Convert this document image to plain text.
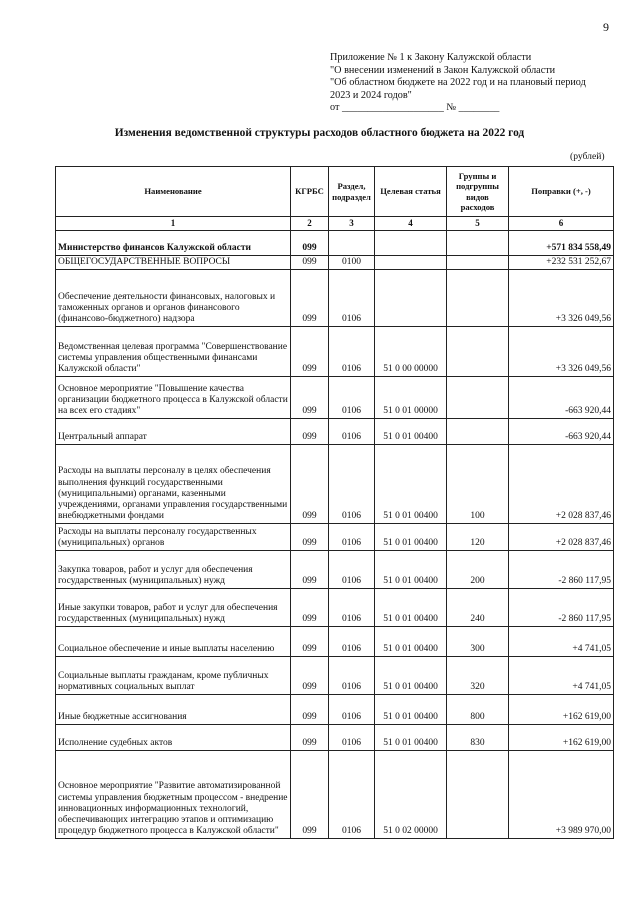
9
Приложение № 1 к Закону Калужской области
"О внесении изменений в Закон Калужской области
"Об областном бюджете на 2022 год и на плановый период
2023 и 2024 годов"
от ____________________ № ________
Изменения ведомственной структуры расходов областного бюджета на 2022 год
(рублей)
Наименование	КГРБС	Раздел, подраздел	Целевая статья	Группы и подгруппы видов расходов	Поправки (+, -)
1	2	3	4	5	6
Министерство финансов Калужской области	099				+571 834 558,49
ОБЩЕГОСУДАРСТВЕННЫЕ ВОПРОСЫ	099	0100			+232 531 252,67
Обеспечение деятельности финансовых, налоговых и таможенных органов и органов финансового (финансово-бюджетного) надзора	099	0106			+3 326 049,56
Ведомственная целевая программа "Совершенствование системы управления общественными финансами Калужской области"	099	0106	51 0 00 00000		+3 326 049,56
Основное мероприятие "Повышение качества организации бюджетного процесса в Калужской области на всех его стадиях"	099	0106	51 0 01 00000		-663 920,44
Центральный аппарат	099	0106	51 0 01 00400		-663 920,44
Расходы на выплаты персоналу в целях обеспечения выполнения функций государственными (муниципальными) органами, казенными учреждениями, органами управления государственными внебюджетными фондами	099	0106	51 0 01 00400	100	+2 028 837,46
Расходы на выплаты персоналу государственных (муниципальных) органов	099	0106	51 0 01 00400	120	+2 028 837,46
Закупка товаров, работ и услуг для обеспечения государственных (муниципальных) нужд	099	0106	51 0 01 00400	200	-2 860 117,95
Иные закупки товаров, работ и услуг для обеспечения государственных (муниципальных) нужд	099	0106	51 0 01 00400	240	-2 860 117,95
Социальное обеспечение и иные выплаты населению	099	0106	51 0 01 00400	300	+4 741,05
Социальные выплаты гражданам, кроме публичных нормативных социальных выплат	099	0106	51 0 01 00400	320	+4 741,05
Иные бюджетные ассигнования	099	0106	51 0 01 00400	800	+162 619,00
Исполнение судебных актов	099	0106	51 0 01 00400	830	+162 619,00
Основное мероприятие "Развитие автоматизированной системы управления бюджетным процессом - внедрение инновационных информационных технологий, обеспечивающих интеграцию этапов и оптимизацию процедур бюджетного процесса в Калужской области"	099	0106	51 0 02 00000		+3 989 970,00
